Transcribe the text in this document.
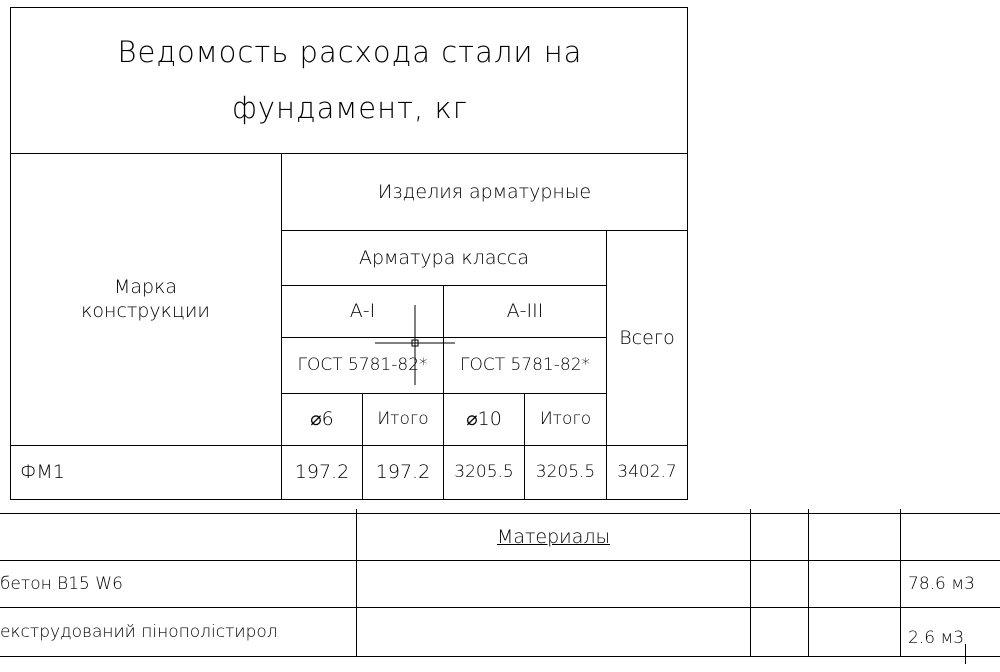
Ведомость расхода стали на фундамент, кг
Марка конструкции
Изделия арматурные
Арматура класса
Всего
А-I	А-III
ГОСТ 5781-82*	ГОСТ 5781-82*
⌀6	Итого	⌀10	Итого
ФМ1	197.2	197.2	3205.5	3205.5	3402.7
Материалы
бетон B15 W6	78.6 м3
екструдований пінополістирол	2.6 м3
